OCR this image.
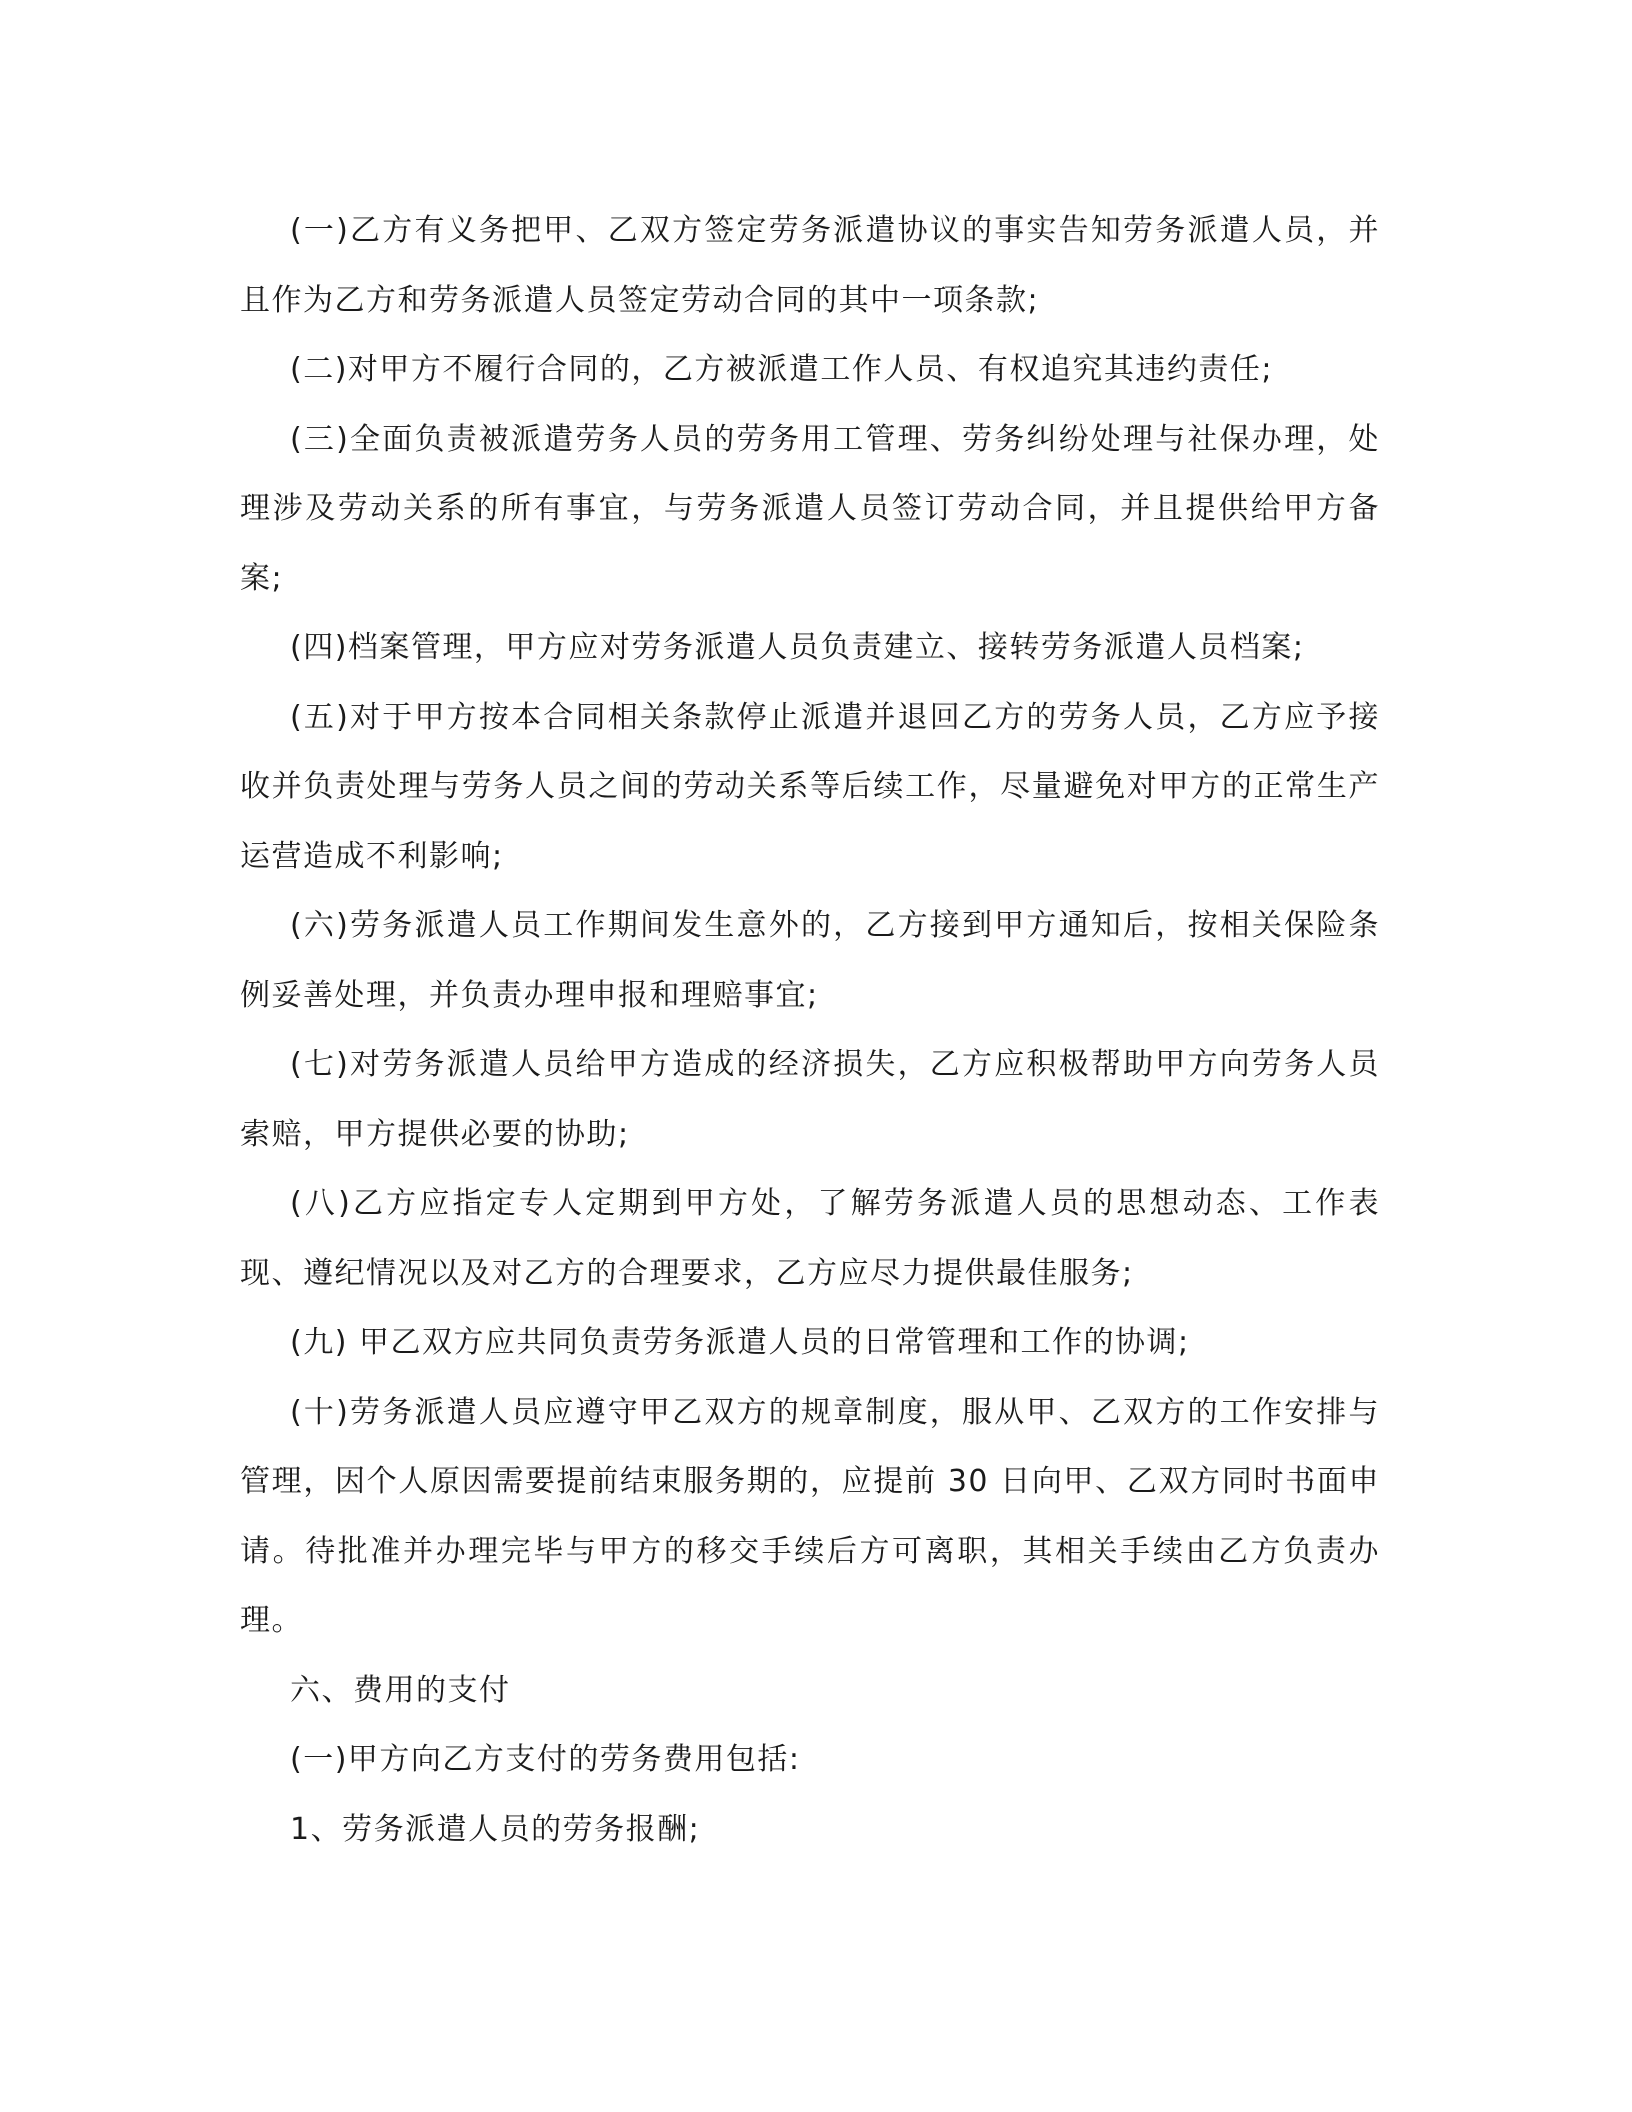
(一)乙方有义务把甲、乙双方签定劳务派遣协议的事实告知劳务派遣人员，并且作为乙方和劳务派遣人员签定劳动合同的其中一项条款;

(二)对甲方不履行合同的，乙方被派遣工作人员、有权追究其违约责任;

(三)全面负责被派遣劳务人员的劳务用工管理、劳务纠纷处理与社保办理，处理涉及劳动关系的所有事宜，与劳务派遣人员签订劳动合同，并且提供给甲方备案;

(四)档案管理，甲方应对劳务派遣人员负责建立、接转劳务派遣人员档案;

(五)对于甲方按本合同相关条款停止派遣并退回乙方的劳务人员，乙方应予接收并负责处理与劳务人员之间的劳动关系等后续工作，尽量避免对甲方的正常生产运营造成不利影响;

(六)劳务派遣人员工作期间发生意外的，乙方接到甲方通知后，按相关保险条例妥善处理，并负责办理申报和理赔事宜;

(七)对劳务派遣人员给甲方造成的经济损失，乙方应积极帮助甲方向劳务人员索赔，甲方提供必要的协助;

(八)乙方应指定专人定期到甲方处，了解劳务派遣人员的思想动态、工作表现、遵纪情况以及对乙方的合理要求，乙方应尽力提供最佳服务;

(九) 甲乙双方应共同负责劳务派遣人员的日常管理和工作的协调;

(十)劳务派遣人员应遵守甲乙双方的规章制度，服从甲、乙双方的工作安排与管理，因个人原因需要提前结束服务期的，应提前 30 日向甲、乙双方同时书面申请。待批准并办理完毕与甲方的移交手续后方可离职，其相关手续由乙方负责办理。

六、费用的支付

(一)甲方向乙方支付的劳务费用包括:

1、劳务派遣人员的劳务报酬;
